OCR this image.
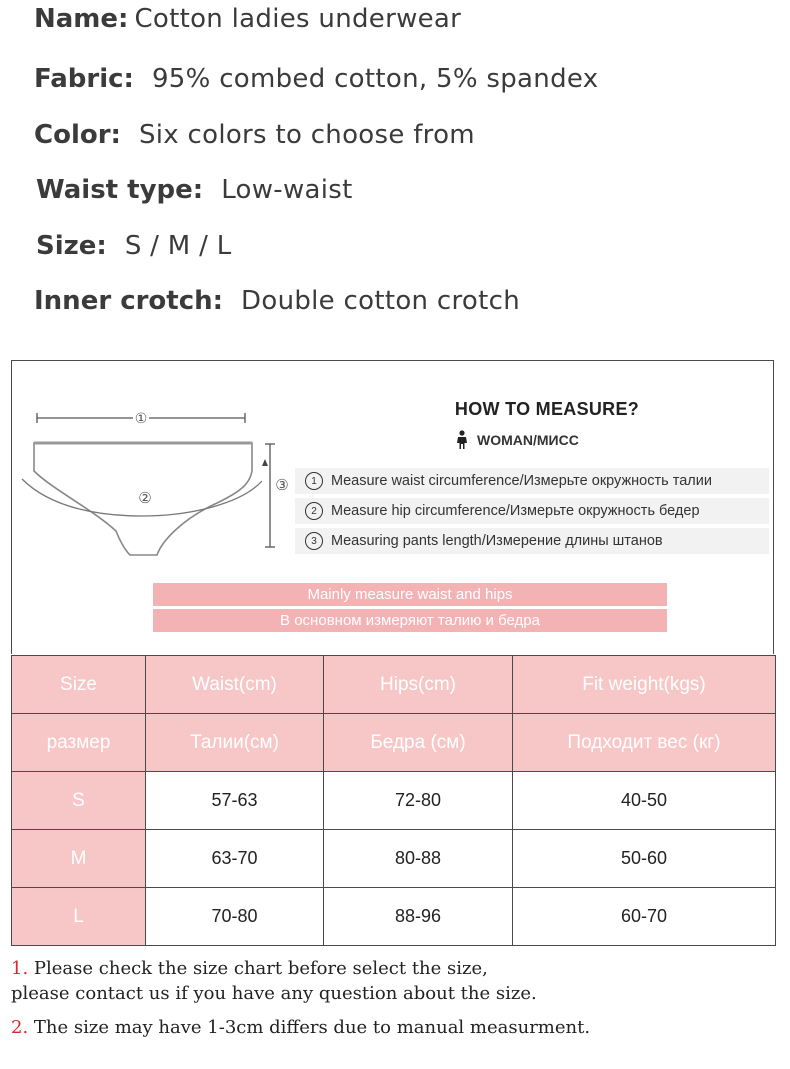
Name: Cotton ladies underwear
Fabric: 95% combed cotton, 5% spandex
Color: Six colors to choose from
Waist type: Low-waist
Size: S / M / L
Inner crotch: Double cotton crotch
①
②
③
HOW TO MEASURE?
WOMAN/МИСС
1 Measure waist circumference/Измерьте окружность талии
2 Measure hip circumference/Измерьте окружность бедер
3 Measuring pants length/Измерение длины штанов
Mainly measure waist and hips
В основном измеряют талию и бедра
Size	Waist(cm)	Hips(cm)	Fit weight(kgs)
размер	Талии(см)	Бедра (см)	Подходит вес (кг)
S	57-63	72-80	40-50
M	63-70	80-88	50-60
L	70-80	88-96	60-70
1. Please check the size chart before select the size,
please contact us if you have any question about the size.
2. The size may have 1-3cm differs due to manual measurment.
